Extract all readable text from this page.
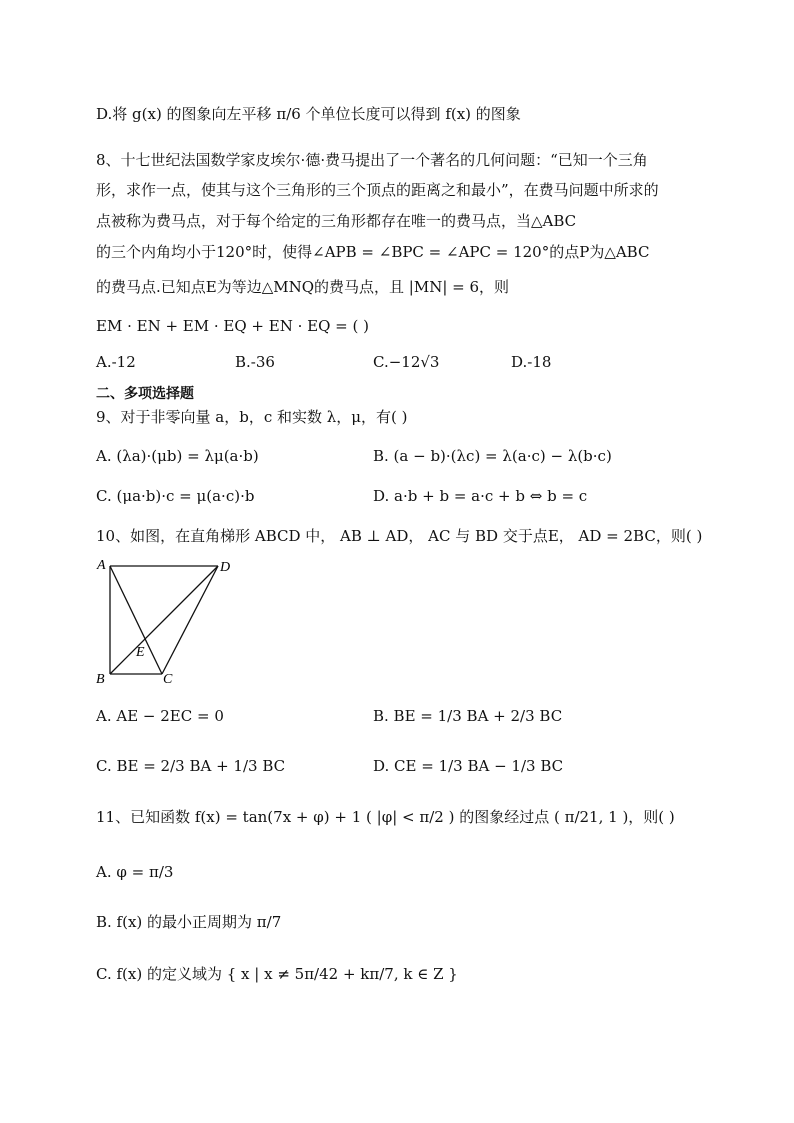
D.将 g(x) 的图象向左平移 π/6 个单位长度可以得到 f(x) 的图象
8、十七世纪法国数学家皮埃尔·德·费马提出了一个著名的几何问题：“已知一个三角
形，求作一点，使其与这个三角形的三个顶点的距离之和最小”，在费马问题中所求的
点被称为费马点，对于每个给定的三角形都存在唯一的费马点，当△ABC
的三个内角均小于120°时，使得∠APB = ∠BPC = ∠APC = 120°的点P为△ABC
的费马点.已知点E为等边△MNQ的费马点，且 |MN| = 6，则
EM · EN + EM · EQ + EN · EQ = ( )
A.-12	B.-36	C.−12√3	D.-18
二、多项选择题
9、对于非零向量 a，b，c 和实数 λ，μ，有( )
A. (λa)·(μb) = λμ(a·b)	B. (a − b)·(λc) = λ(a·c) − λ(b·c)
C. (μa·b)·c = μ(a·c)·b	D. a·b + b = a·c + b ⇔ b = c
10、如图，在直角梯形 ABCD 中， AB ⊥ AD， AC 与 BD 交于点E， AD = 2BC，则( )
A	D
B	C
E
A. AE − 2EC = 0	B. BE = 1/3 BA + 2/3 BC
C. BE = 2/3 BA + 1/3 BC	D. CE = 1/3 BA − 1/3 BC
11、已知函数 f(x) = tan(7x + φ) + 1 ( |φ| < π/2 ) 的图象经过点 ( π/21, 1 )，则( )
A. φ = π/3
B. f(x) 的最小正周期为 π/7
C. f(x) 的定义域为 { x | x ≠ 5π/42 + kπ/7, k ∈ Z }
